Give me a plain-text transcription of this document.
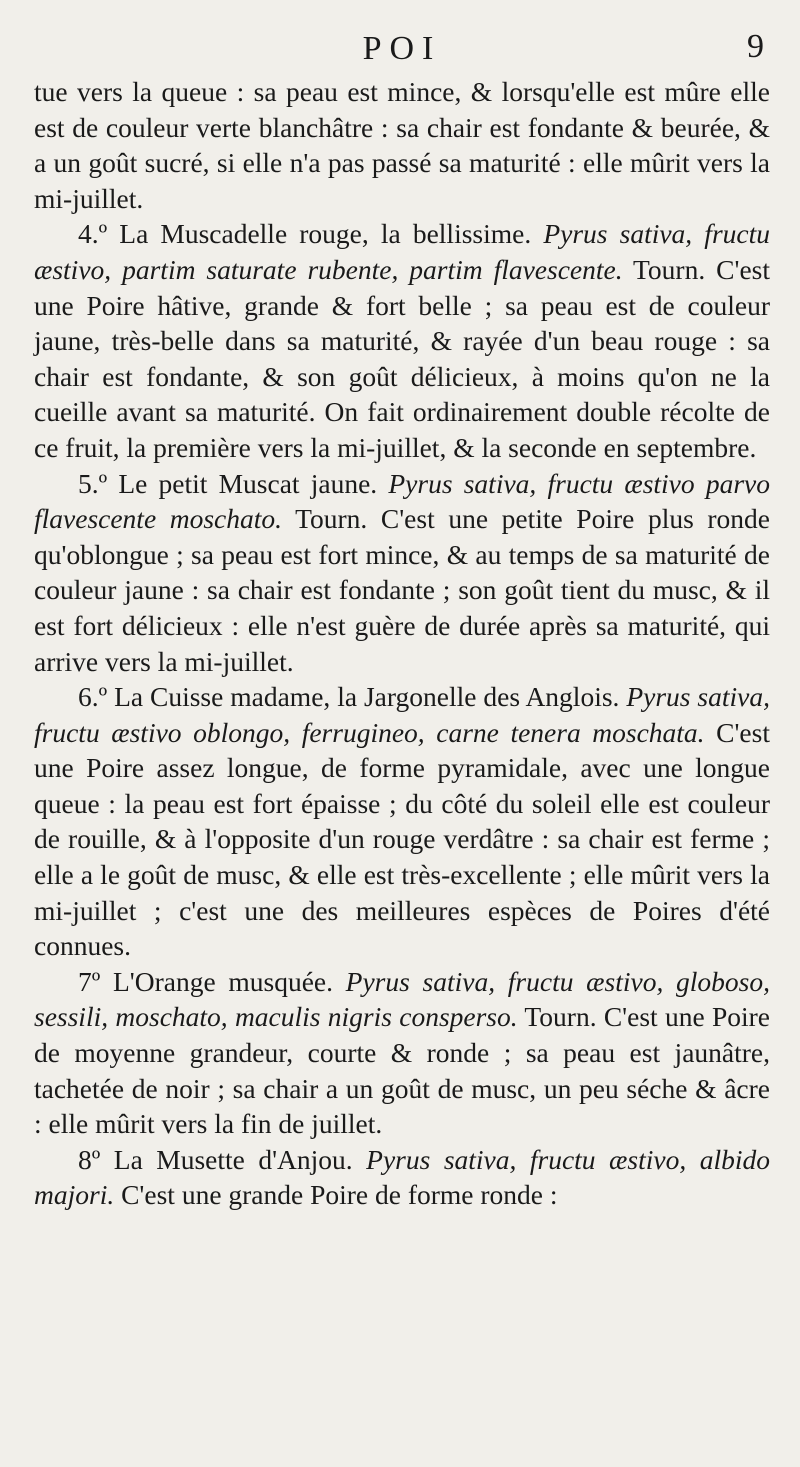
POI	9

tue vers la queue : sa peau est mince, & lorsqu'elle est mûre elle est de couleur verte blanchâtre : sa chair est fondante & beurée, & a un goût sucré, si elle n'a pas passé sa maturité : elle mûrit vers la mi-juillet.

4.º La Muscadelle rouge, la bellissime. Pyrus sativa, fructu æstivo, partim saturate rubente, partim flavescente. Tourn. C'est une Poire hâtive, grande & fort belle ; sa peau est de couleur jaune, très-belle dans sa maturité, & rayée d'un beau rouge : sa chair est fondante, & son goût délicieux, à moins qu'on ne la cueille avant sa maturité. On fait ordinairement double récolte de ce fruit, la première vers la mi-juillet, & la seconde en septembre.

5.º Le petit Muscat jaune. Pyrus sativa, fructu æstivo parvo flavescente moschato. Tourn. C'est une petite Poire plus ronde qu'oblongue ; sa peau est fort mince, & au temps de sa maturité de couleur jaune : sa chair est fondante ; son goût tient du musc, & il est fort délicieux : elle n'est guère de durée après sa maturité, qui arrive vers la mi-juillet.

6.º La Cuisse madame, la Jargonelle des Anglois. Pyrus sativa, fructu æstivo oblongo, ferrugineo, carne tenera moschata. C'est une Poire assez longue, de forme pyramidale, avec une longue queue : la peau est fort épaisse ; du côté du soleil elle est couleur de rouille, & à l'opposite d'un rouge verdâtre : sa chair est ferme ; elle a le goût de musc, & elle est très-excellente ; elle mûrit vers la mi-juillet ; c'est une des meilleures espèces de Poires d'été connues.

7º L'Orange musquée. Pyrus sativa, fructu æstivo, globoso, sessili, moschato, maculis nigris consperso. Tourn. C'est une Poire de moyenne grandeur, courte & ronde ; sa peau est jaunâtre, tachetée de noir ; sa chair a un goût de musc, un peu séche & âcre : elle mûrit vers la fin de juillet.

8º La Musette d'Anjou. Pyrus sativa, fructu æstivo, albido majori. C'est une grande Poire de forme ronde :
